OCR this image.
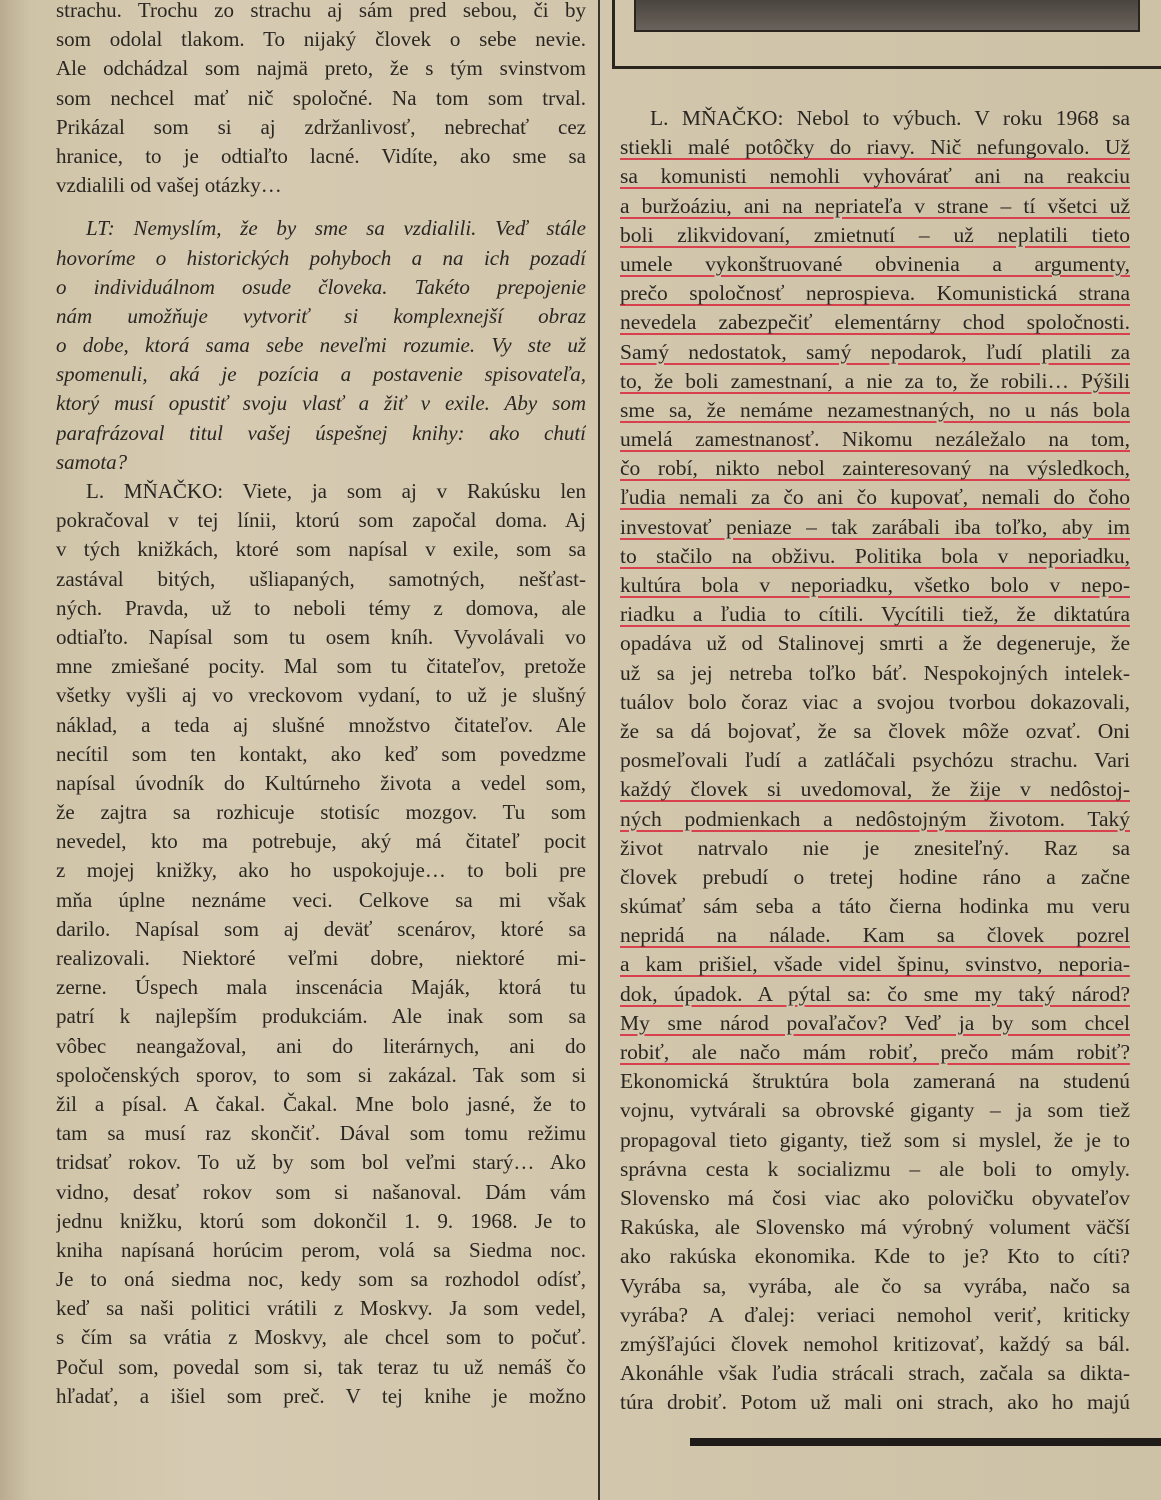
strachu. Trochu zo strachu aj sám pred sebou, či by
som odolal tlakom. To nijaký človek o sebe nevie.
Ale odchádzal som najmä preto, že s tým svinstvom
som nechcel mať nič spoločné. Na tom som trval.
Prikázal som si aj zdržanlivosť, nebrechať cez
hranice, to je odtiaľto lacné. Vidíte, ako sme sa
vzdialili od vašej otázky…
LT: Nemyslím, že by sme sa vzdialili. Veď stále
hovoríme o historických pohyboch a na ich pozadí
o individuálnom osude človeka. Takéto prepojenie
nám umožňuje vytvoriť si komplexnejší obraz
o dobe, ktorá sama sebe neveľmi rozumie. Vy ste už
spomenuli, aká je pozícia a postavenie spisovateľa,
ktorý musí opustiť svoju vlasť a žiť v exile. Aby som
parafrázoval titul vašej úspešnej knihy: ako chutí
samota?
L. MŇAČKO: Viete, ja som aj v Rakúsku len
pokračoval v tej línii, ktorú som započal doma. Aj
v tých knižkách, ktoré som napísal v exile, som sa
zastával bitých, ušliapaných, samotných, nešťast-
ných. Pravda, už to neboli témy z domova, ale
odtiaľto. Napísal som tu osem kníh. Vyvolávali vo
mne zmiešané pocity. Mal som tu čitateľov, pretože
všetky vyšli aj vo vreckovom vydaní, to už je slušný
náklad, a teda aj slušné množstvo čitateľov. Ale
necítil som ten kontakt, ako keď som povedzme
napísal úvodník do Kultúrneho života a vedel som,
že zajtra sa rozhicuje stotisíc mozgov. Tu som
nevedel, kto ma potrebuje, aký má čitateľ pocit
z mojej knižky, ako ho uspokojuje… to boli pre
mňa úplne neznáme veci. Celkove sa mi však
darilo. Napísal som aj deväť scenárov, ktoré sa
realizovali. Niektoré veľmi dobre, niektoré mi-
zerne. Úspech mala inscenácia Maják, ktorá tu
patrí k najlepším produkciám. Ale inak som sa
vôbec neangažoval, ani do literárnych, ani do
spoločenských sporov, to som si zakázal. Tak som si
žil a písal. A čakal. Čakal. Mne bolo jasné, že to
tam sa musí raz skončiť. Dával som tomu režimu
tridsať rokov. To už by som bol veľmi starý… Ako
vidno, desať rokov som si našanoval. Dám vám
jednu knižku, ktorú som dokončil 1. 9. 1968. Je to
kniha napísaná horúcim perom, volá sa Siedma noc.
Je to oná siedma noc, kedy som sa rozhodol odísť,
keď sa naši politici vrátili z Moskvy. Ja som vedel,
s čím sa vrátia z Moskvy, ale chcel som to počuť.
Počul som, povedal som si, tak teraz tu už nemáš čo
hľadať, a išiel som preč. V tej knihe je možno
L. MŇAČKO: Nebol to výbuch. V roku 1968 sa
stiekli malé potôčky do riavy. Nič nefungovalo. Už
sa komunisti nemohli vyhovárať ani na reakciu
a buržoáziu, ani na nepriateľa v strane – tí všetci už
boli zlikvidovaní, zmietnutí – už neplatili tieto
umele vykonštruované obvinenia a argumenty,
prečo spoločnosť neprospieva. Komunistická strana
nevedela zabezpečiť elementárny chod spoločnosti.
Samý nedostatok, samý nepodarok, ľudí platili za
to, že boli zamestnaní, a nie za to, že robili… Pýšili
sme sa, že nemáme nezamestnaných, no u nás bola
umelá zamestnanosť. Nikomu nezáležalo na tom,
čo robí, nikto nebol zainteresovaný na výsledkoch,
ľudia nemali za čo ani čo kupovať, nemali do čoho
investovať peniaze – tak zarábali iba toľko, aby im
to stačilo na obživu. Politika bola v neporiadku,
kultúra bola v neporiadku, všetko bolo v nepo-
riadku a ľudia to cítili. Vycítili tiež, že diktatúra
opadáva už od Stalinovej smrti a že degeneruje, že
už sa jej netreba toľko báť. Nespokojných intelek-
tuálov bolo čoraz viac a svojou tvorbou dokazovali,
že sa dá bojovať, že sa človek môže ozvať. Oni
posmeľovali ľudí a zatláčali psychózu strachu. Vari
každý človek si uvedomoval, že žije v nedôstoj-
ných podmienkach a nedôstojným životom. Taký
život natrvalo nie je znesiteľný. Raz sa
človek prebudí o tretej hodine ráno a začne
skúmať sám seba a táto čierna hodinka mu veru
nepridá na nálade. Kam sa človek pozrel
a kam prišiel, všade videl špinu, svinstvo, neporia-
dok, úpadok. A pýtal sa: čo sme my taký národ?
My sme národ povaľačov? Veď ja by som chcel
robiť, ale načo mám robiť, prečo mám robiť?
Ekonomická štruktúra bola zameraná na studenú
vojnu, vytvárali sa obrovské giganty – ja som tiež
propagoval tieto giganty, tiež som si myslel, že je to
správna cesta k socializmu – ale boli to omyly.
Slovensko má čosi viac ako polovičku obyvateľov
Rakúska, ale Slovensko má výrobný volument väčší
ako rakúska ekonomika. Kde to je? Kto to cíti?
Vyrába sa, vyrába, ale čo sa vyrába, načo sa
vyrába? A ďalej: veriaci nemohol veriť, kriticky
zmýšľajúci človek nemohol kritizovať, každý sa bál.
Akonáhle však ľudia strácali strach, začala sa dikta-
túra drobiť. Potom už mali oni strach, ako ho majú
